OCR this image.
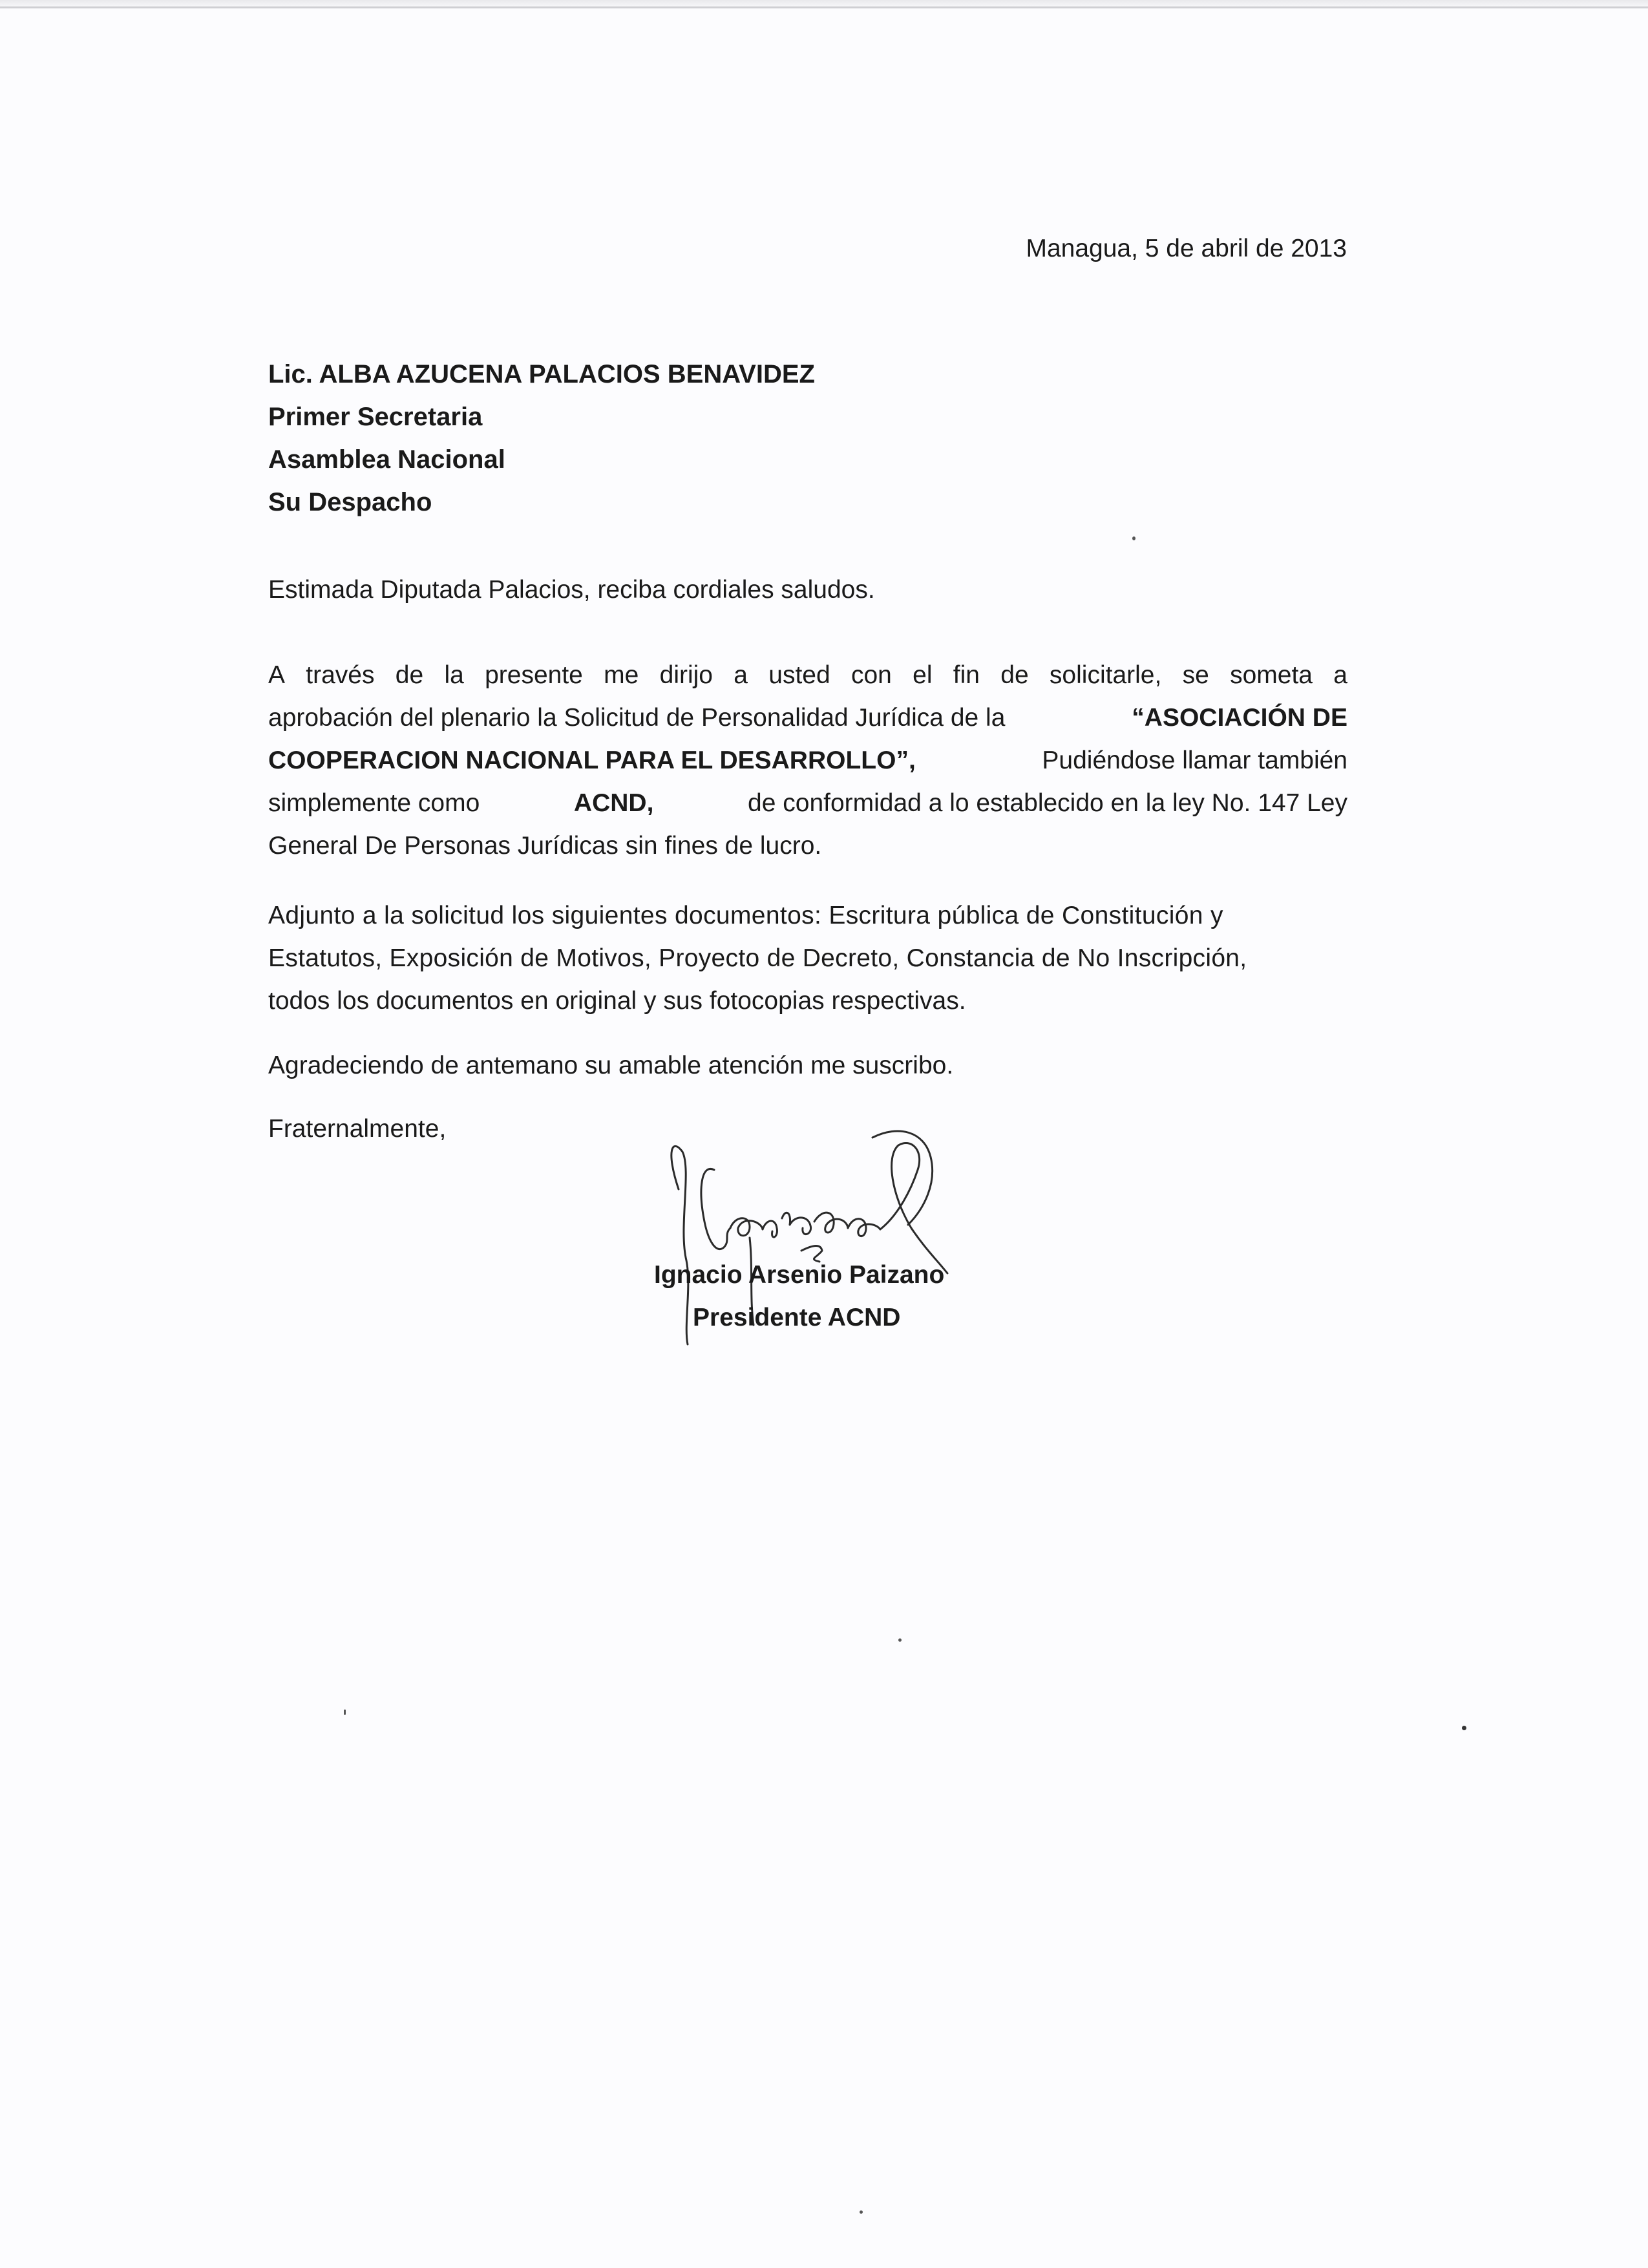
Managua, 5 de abril de 2013
Lic. ALBA AZUCENA PALACIOS BENAVIDEZ
Primer Secretaria
Asamblea Nacional
Su Despacho
Estimada Diputada Palacios, reciba cordiales saludos.
A través de la presente me dirijo a usted con el fin de solicitarle, se someta a
aprobación del plenario la Solicitud de Personalidad Jurídica de la	“ASOCIACIÓN DE
COOPERACION NACIONAL PARA EL DESARROLLO”,	Pudiéndose llamar también
simplemente como	ACND,	de conformidad a lo establecido en la ley No. 147 Ley
General De Personas Jurídicas sin fines de lucro.
Adjunto a la solicitud los siguientes documentos: Escritura pública de Constitución y
Estatutos, Exposición de Motivos, Proyecto de Decreto, Constancia de No Inscripción,
todos los documentos en original y sus fotocopias respectivas.
Agradeciendo de antemano su amable atención me suscribo.
Fraternalmente,
Ignacio Arsenio Paizano
Presidente ACND
